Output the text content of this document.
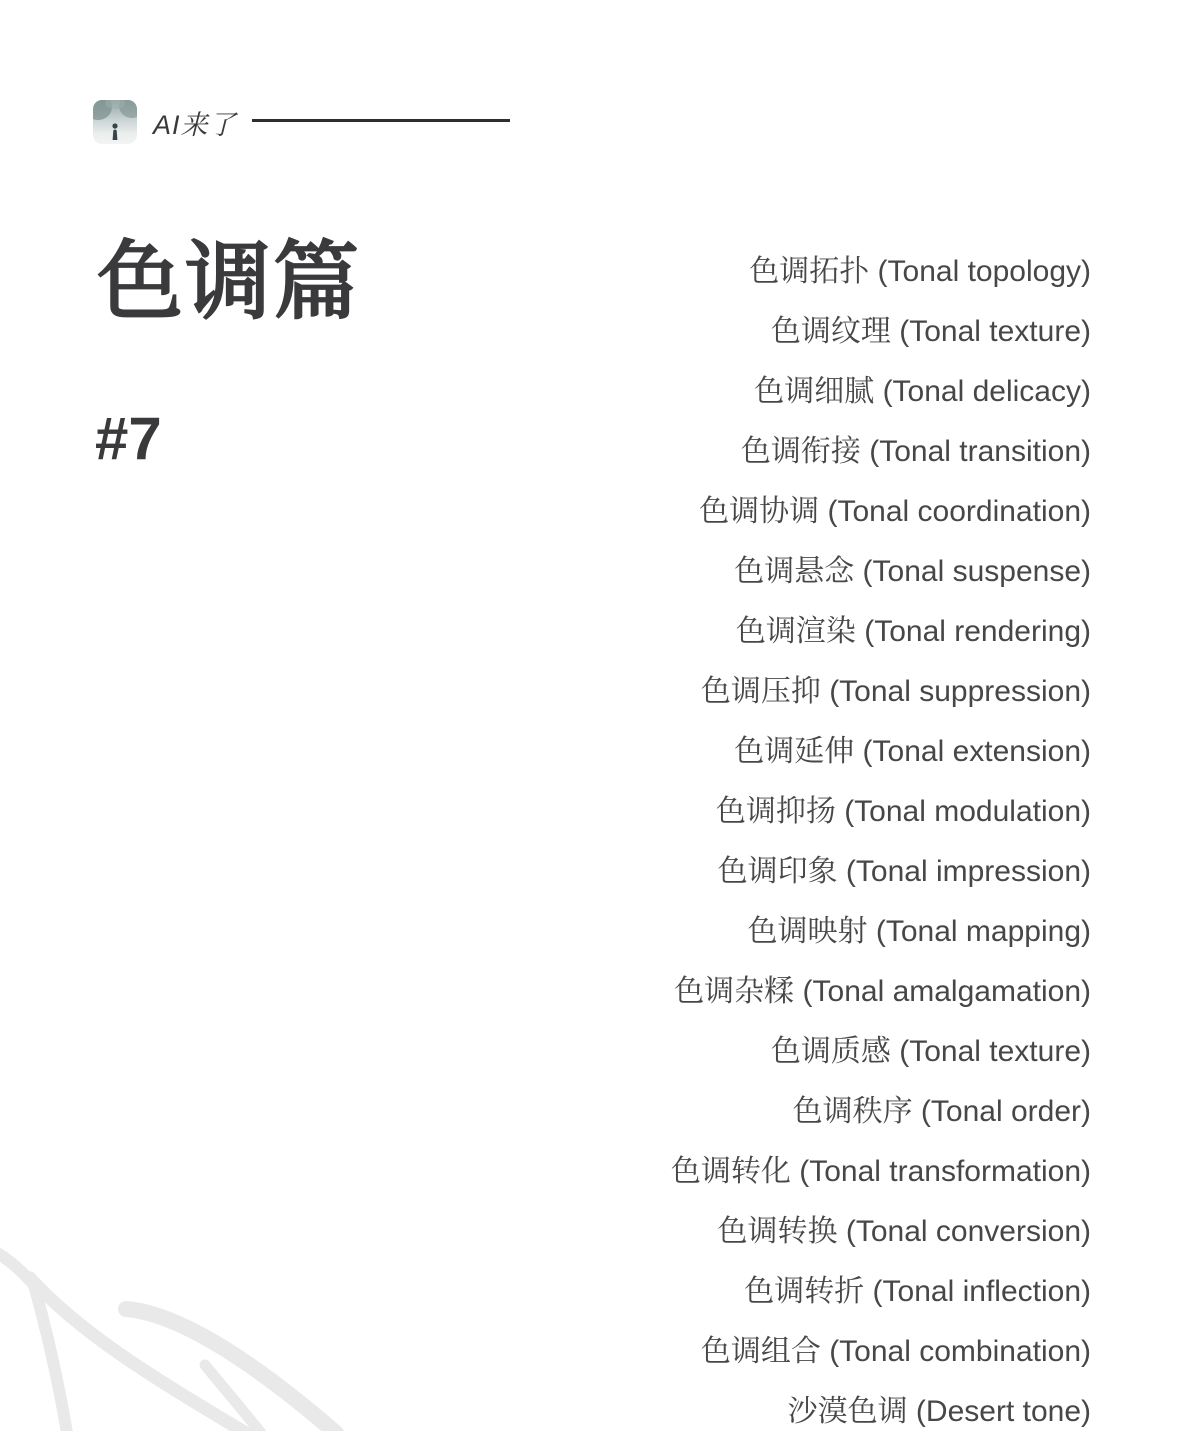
AI来了
色调篇
#7
色调拓扑 (Tonal topology)
色调纹理 (Tonal texture)
色调细腻 (Tonal delicacy)
色调衔接 (Tonal transition)
色调协调 (Tonal coordination)
色调悬念 (Tonal suspense)
色调渲染 (Tonal rendering)
色调压抑 (Tonal suppression)
色调延伸 (Tonal extension)
色调抑扬 (Tonal modulation)
色调印象 (Tonal impression)
色调映射 (Tonal mapping)
色调杂糅 (Tonal amalgamation)
色调质感 (Tonal texture)
色调秩序 (Tonal order)
色调转化 (Tonal transformation)
色调转换 (Tonal conversion)
色调转折 (Tonal inflection)
色调组合 (Tonal combination)
沙漠色调 (Desert tone)
